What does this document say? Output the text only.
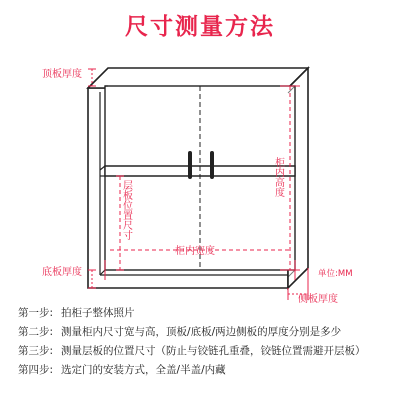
尺寸测量方法
顶板厚度
底板厚度
柜内高度
柜内宽度
层板位置尺寸
侧板厚度
单位:MM
第一步: 拍柜子整体照片
第二步: 测量柜内尺寸宽与高，顶板/底板/两边侧板的厚度分别是多少
第三步: 测量层板的位置尺寸（防止与铰链孔重叠，铰链位置需避开层板）
第四步: 选定门的安装方式，全盖/半盖/内藏
